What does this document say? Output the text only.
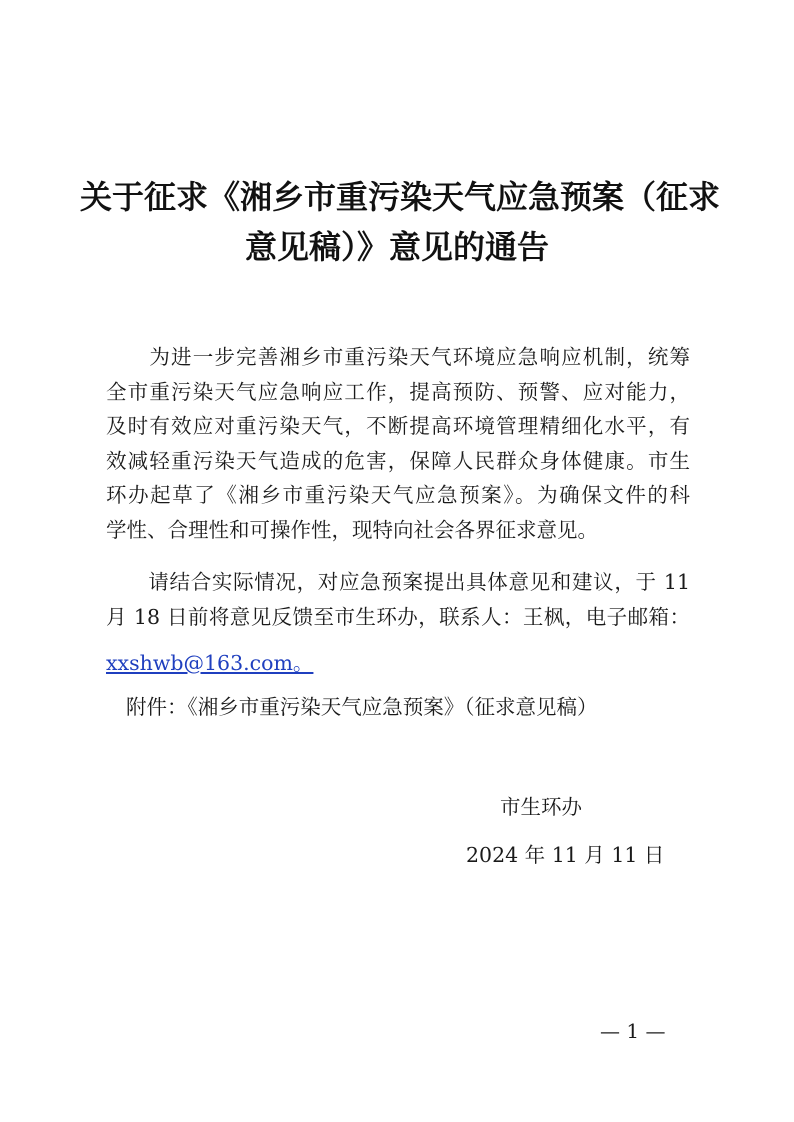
关于征求《湘乡市重污染天气应急预案（征求
意见稿）》意见的通告
　　为进一步完善湘乡市重污染天气环境应急响应机制，统筹
全市重污染天气应急响应工作，提高预防、预警、应对能力，
及时有效应对重污染天气，不断提高环境管理精细化水平，有
效减轻重污染天气造成的危害，保障人民群众身体健康。市生
环办起草了《湘乡市重污染天气应急预案》。为确保文件的科
学性、合理性和可操作性，现特向社会各界征求意见。
　　请结合实际情况，对应急预案提出具体意见和建议，于 11
月 18 日前将意见反馈至市生环办，联系人：王枫，电子邮箱：
xxshwb@163.com。
附件：《湘乡市重污染天气应急预案》（征求意见稿）
市生环办
2024 年 11 月 11 日
— 1 —
